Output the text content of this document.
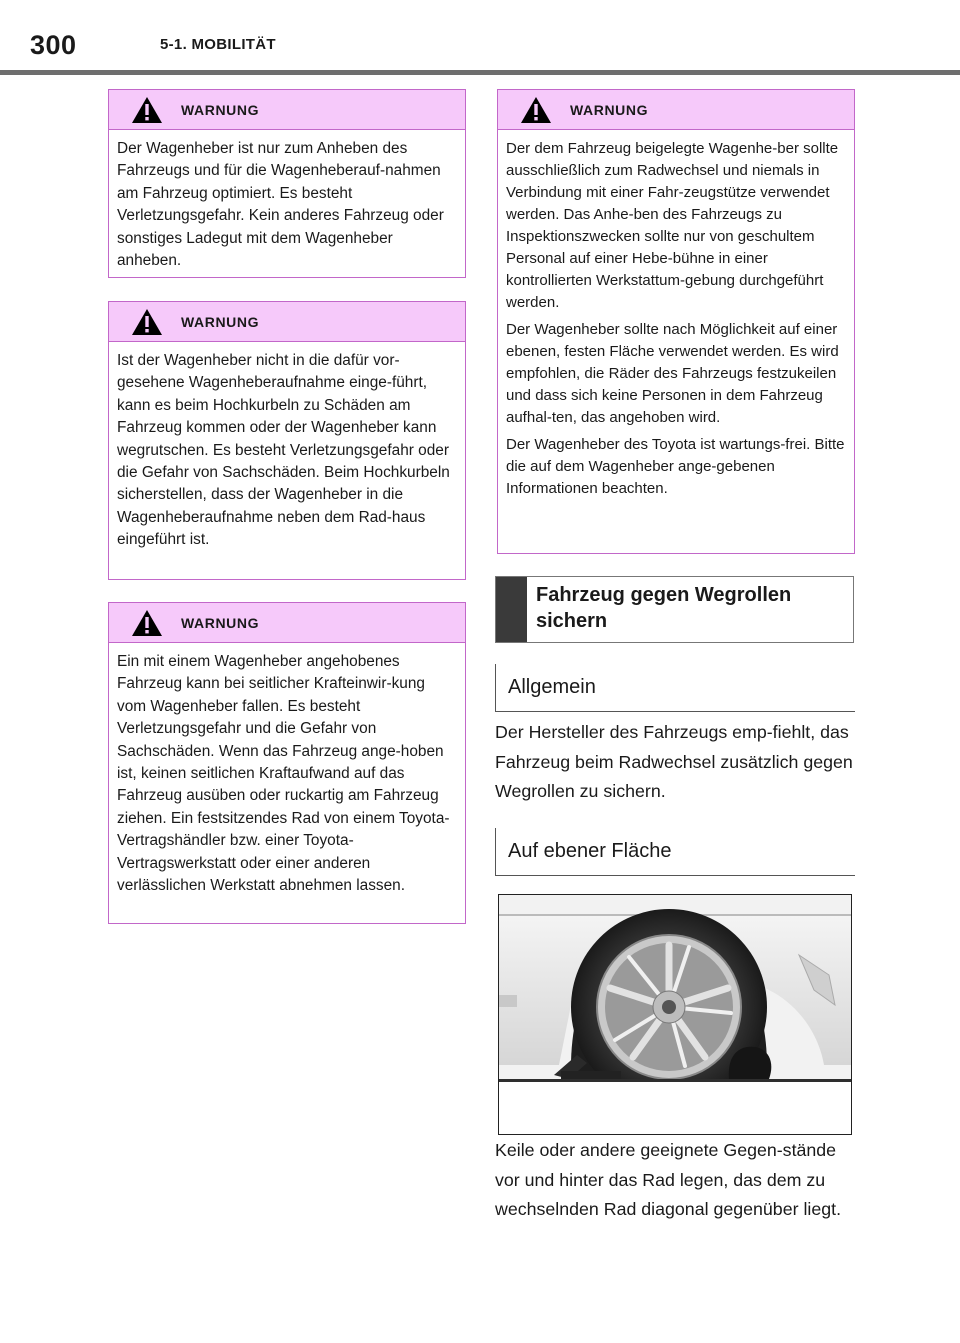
300	5-1. MOBILITÄT
WARNUNG

Der Wagenheber ist nur zum Anheben des Fahrzeugs und für die Wagenheberauf-nahmen am Fahrzeug optimiert. Es besteht Verletzungsgefahr. Kein anderes Fahrzeug oder sonstiges Ladegut mit dem Wagenheber anheben.

WARNUNG

Ist der Wagenheber nicht in die dafür vor-gesehene Wagenheberaufnahme einge-führt, kann es beim Hochkurbeln zu Schäden am Fahrzeug kommen oder der Wagenheber kann wegrutschen. Es besteht Verletzungsgefahr oder die Gefahr von Sachschäden. Beim Hochkurbeln sicherstellen, dass der Wagenheber in die Wagenheberaufnahme neben dem Rad-haus eingeführt ist.

WARNUNG

Ein mit einem Wagenheber angehobenes Fahrzeug kann bei seitlicher Krafteinwir-kung vom Wagenheber fallen. Es besteht Verletzungsgefahr und die Gefahr von Sachschäden. Wenn das Fahrzeug ange-hoben ist, keinen seitlichen Kraftaufwand auf das Fahrzeug ausüben oder ruckartig am Fahrzeug ziehen. Ein festsitzendes Rad von einem Toyota-Vertragshändler bzw. einer Toyota-Vertragswerkstatt oder einer anderen verlässlichen Werkstatt abnehmen lassen.

WARNUNG

Der dem Fahrzeug beigelegte Wagenhe-ber sollte ausschließlich zum Radwechsel und niemals in Verbindung mit einer Fahr-zeugstütze verwendet werden. Das Anhe-ben des Fahrzeugs zu Inspektionszwecken sollte nur von geschultem Personal auf einer Hebe-bühne in einer kontrollierten Werkstattum-gebung durchgeführt werden.

Der Wagenheber sollte nach Möglichkeit auf einer ebenen, festen Fläche verwendet werden. Es wird empfohlen, die Räder des Fahrzeugs festzukeilen und dass sich keine Personen in dem Fahrzeug aufhal-ten, das angehoben wird.

Der Wagenheber des Toyota ist wartungs-frei. Bitte die auf dem Wagenheber ange-gebenen Informationen beachten.

Fahrzeug gegen Wegrollen sichern
Allgemein
Der Hersteller des Fahrzeugs emp-fiehlt, das Fahrzeug beim Radwechsel zusätzlich gegen Wegrollen zu sichern.
Auf ebener Fläche
Keile oder andere geeignete Gegen-stände vor und hinter das Rad legen, das dem zu wechselnden Rad diagonal gegenüber liegt.
